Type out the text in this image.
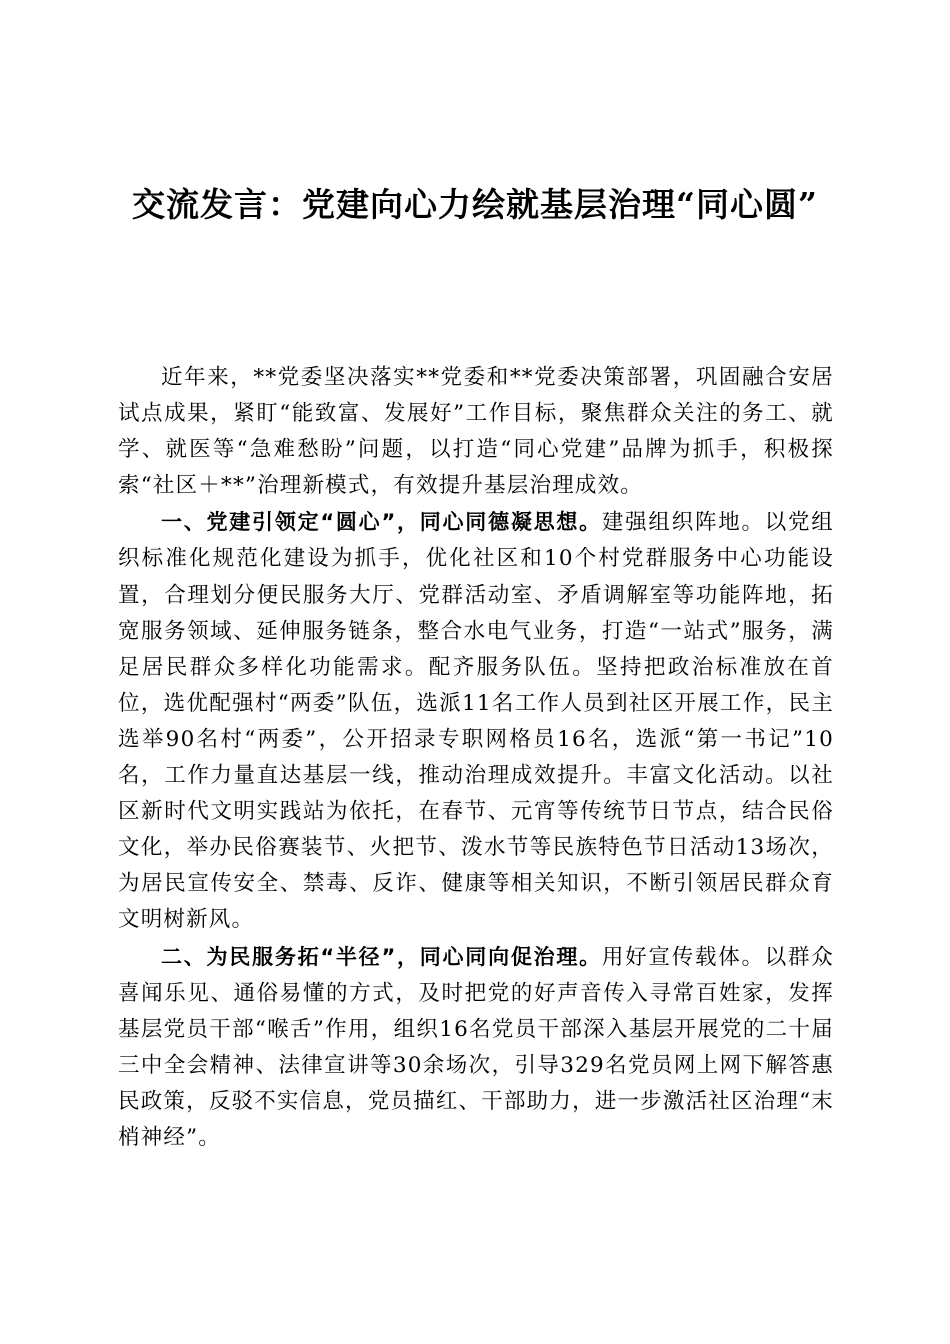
交流发言：党建向心力绘就基层治理“同心圆”

近年来，**党委坚决落实**党委和**党委决策部署，巩固融合安居试点成果，紧盯“能致富、发展好”工作目标，聚焦群众关注的务工、就学、就医等“急难愁盼”问题，以打造“同心党建”品牌为抓手，积极探索“社区＋**”治理新模式，有效提升基层治理成效。

一、党建引领定“圆心”，同心同德凝思想。建强组织阵地。以党组织标准化规范化建设为抓手，优化社区和10个村党群服务中心功能设置，合理划分便民服务大厅、党群活动室、矛盾调解室等功能阵地，拓宽服务领域、延伸服务链条，整合水电气业务，打造“一站式”服务，满足居民群众多样化功能需求。配齐服务队伍。坚持把政治标准放在首位，选优配强村“两委”队伍，选派11名工作人员到社区开展工作，民主选举90名村“两委”，公开招录专职网格员16名，选派“第一书记”10名，工作力量直达基层一线，推动治理成效提升。丰富文化活动。以社区新时代文明实践站为依托，在春节、元宵等传统节日节点，结合民俗文化，举办民俗赛装节、火把节、泼水节等民族特色节日活动13场次，为居民宣传安全、禁毒、反诈、健康等相关知识，不断引领居民群众育文明树新风。

二、为民服务拓“半径”，同心同向促治理。用好宣传载体。以群众喜闻乐见、通俗易懂的方式，及时把党的好声音传入寻常百姓家，发挥基层党员干部“喉舌”作用，组织16名党员干部深入基层开展党的二十届三中全会精神、法律宣讲等30余场次，引导329名党员网上网下解答惠民政策，反驳不实信息，党员描红、干部助力，进一步激活社区治理“末梢神经”。
